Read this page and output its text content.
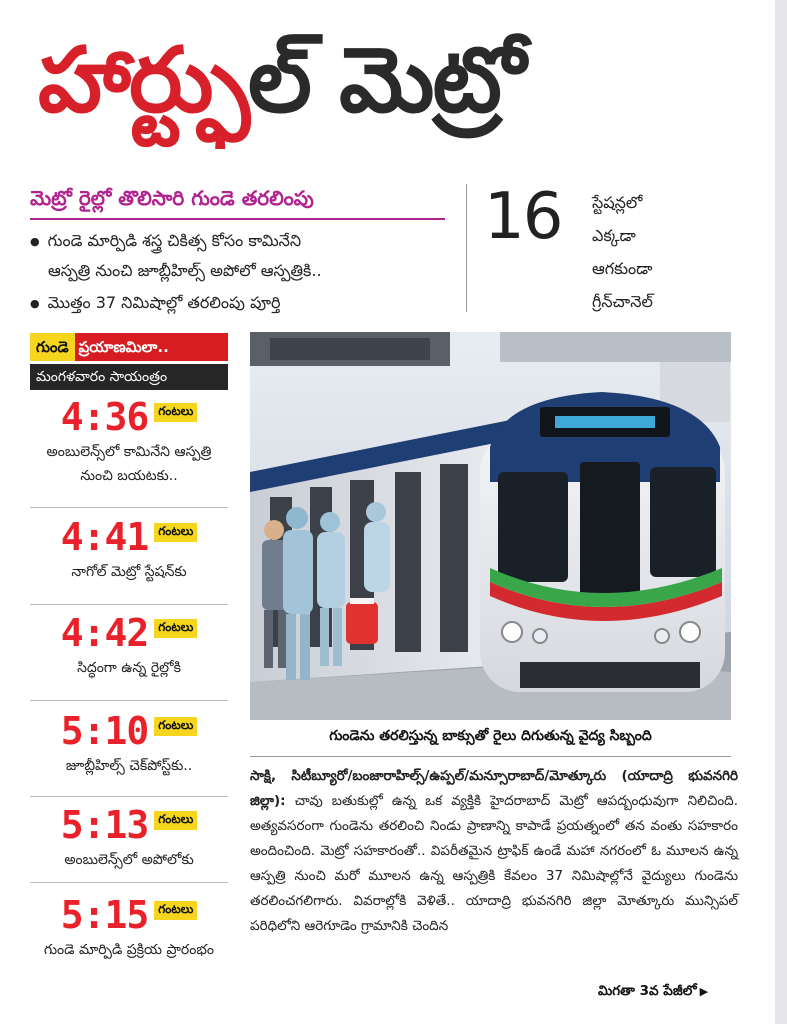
హార్ట్ఫుల్ మెట్రో
మెట్రో రైల్లో తొలిసారి గుండె తరలింపు
● గుండె మార్పిడి శస్త్ర చికిత్స కోసం కామినేని
ఆస్పత్రి నుంచి జూబ్లీహిల్స్ అపోలో ఆస్పత్రికి..
● మొత్తం 37 నిమిషాల్లో తరలింపు పూర్తి
16 స్టేషన్లలో
ఎక్కడా
ఆగకుండా
గ్రీన్‌చానెల్
గుండె ప్రయాణమిలా..
మంగళవారం సాయంత్రం
4:36 గంటలు
అంబులెన్స్‌లో కామినేని ఆస్పత్రి నుంచి బయటకు..
4:41 గంటలు
నాగోల్ మెట్రో స్టేషన్‌కు
4:42 గంటలు
సిద్ధంగా ఉన్న రైల్లోకి
5:10 గంటలు
జూబ్లీహిల్స్ చెక్‌పోస్ట్‌కు..
5:13 గంటలు
అంబులెన్స్‌లో అపోలోకు
5:15 గంటలు
గుండె మార్పిడి ప్రక్రియ ప్రారంభం
గుండెను తరలిస్తున్న బాక్సుతో రైలు దిగుతున్న వైద్య సిబ్బంది
సాక్షి, సిటీబ్యూరో/బంజారాహిల్స్/ఉప్పల్/మన్సూరాబాద్/మోత్కూరు (యాదాద్రి భువనగిరి జిల్లా): చావు బతుకుల్లో ఉన్న ఒక వ్యక్తికి హైదరాబాద్ మెట్రో ఆపద్బంధువుగా నిలిచింది. అత్యవసరంగా గుండెను తరలించి నిండు ప్రాణాన్ని కాపాడే ప్రయత్నంలో తన వంతు సహకారం అందించింది. మెట్రో సహకారంతో.. విపరీతమైన ట్రాఫిక్ ఉండే మహా నగరంలో ఓ మూలన ఉన్న ఆస్పత్రి నుంచి మరో మూలన ఉన్న ఆస్పత్రికి కేవలం 37 నిమిషాల్లోనే వైద్యులు గుండెను తరలించగలిగారు. వివరాల్లోకి వెళితే.. యాదాద్రి భువనగిరి జిల్లా మోత్కూరు మున్సిపల్ పరిధిలోని ఆరెగూడెం గ్రామానికి చెందిన
మిగతా 3వ పేజీలో ▶
